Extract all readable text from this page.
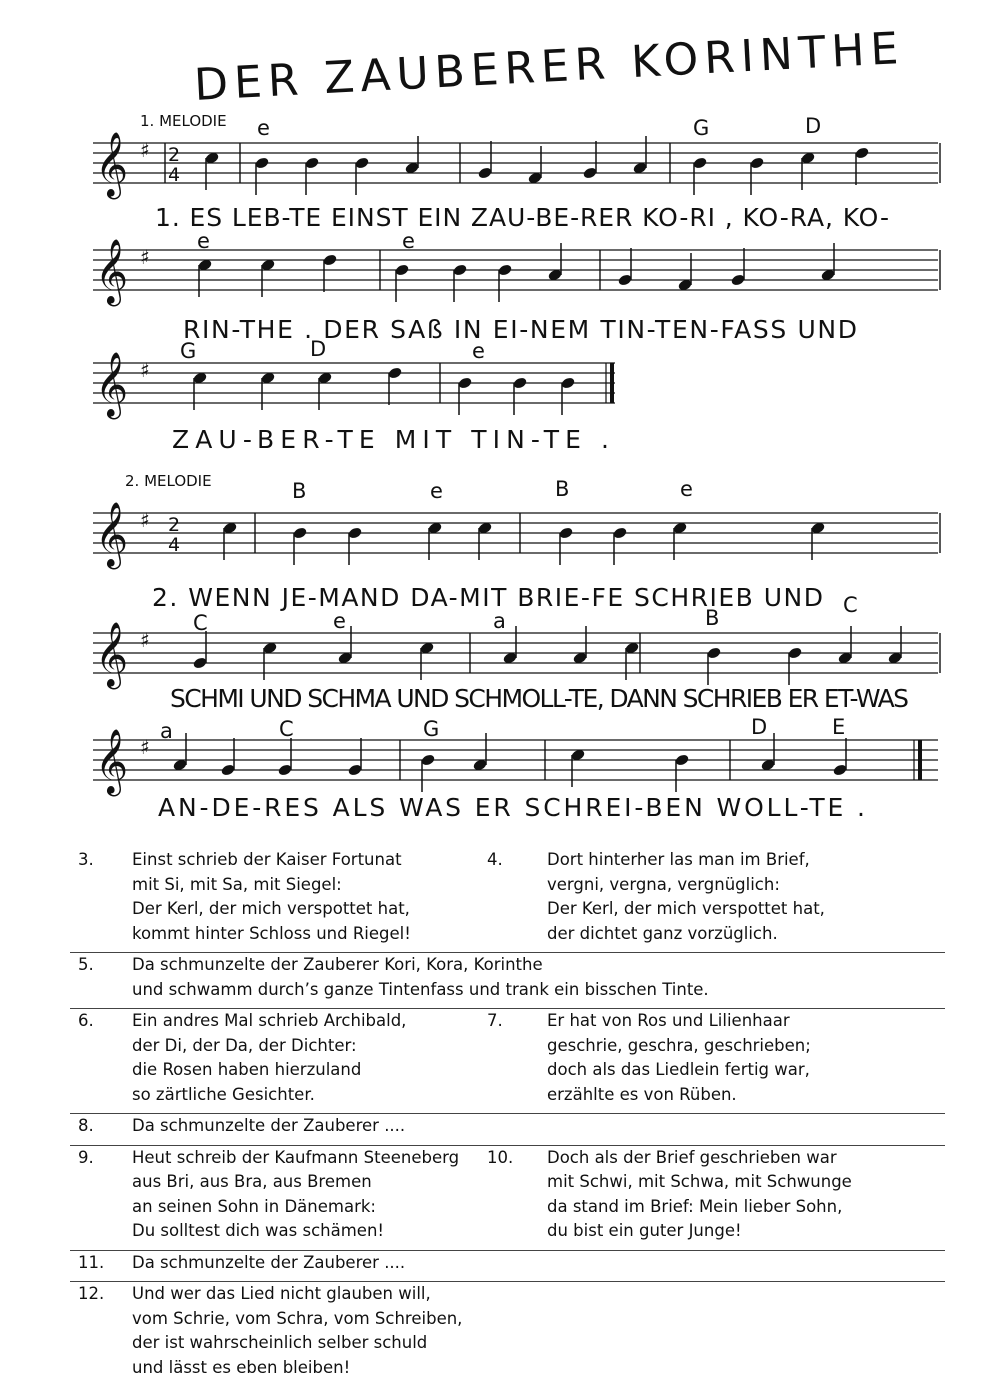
DER ZAUBERER KORINTHE
1. MELODIE
2. MELODIE
e	G	D
e	e
G	D	e
B	e	B	e
C	e	a	B
C
a	C	G	D	E
1. ES LEB-TE EINST EIN ZAU-BE-RER KO-RI , KO-RA, KO-
RIN-THE . DER SAß IN EI-NEM TIN-TEN-FASS UND
ZAU-BER-TE MIT TIN-TE .
2. WENN JE-MAND DA-MIT BRIE-FE SCHRIEB UND
SCHMI UND SCHMA UND SCHMOLL-TE, DANN SCHRIEB ER ET-WAS
AN-DE-RES ALS WAS ER SCHREI-BEN WOLL-TE .
𝄞 ♯ 2
4
𝄞 ♯
𝄞 ♯
𝄞 ♯ 2
4
𝄞 ♯
𝄞 ♯
3. Einst schrieb der Kaiser Fortunat
mit Si, mit Sa, mit Siegel:
Der Kerl, der mich verspottet hat,
kommt hinter Schloss und Riegel!
4.	Dort hinterher las man im Brief,
vergni, vergna, vergnüglich:
Der Kerl, der mich verspottet hat,
der dichtet ganz vorzüglich.
5. Da schmunzelte der Zauberer Kori, Kora, Korinthe
und schwamm durch’s ganze Tintenfass und trank ein bisschen Tinte.
6. Ein andres Mal schrieb Archibald,
der Di, der Da, der Dichter:
die Rosen haben hierzuland
so zärtliche Gesichter.
7.	Er hat von Ros und Lilienhaar
geschrie, geschra, geschrieben;
doch als das Liedlein fertig war,
erzählte es von Rüben.
8. Da schmunzelte der Zauberer ....
9. Heut schreib der Kaufmann Steeneberg
aus Bri, aus Bra, aus Bremen
an seinen Sohn in Dänemark:
Du solltest dich was schämen!
10. Doch als der Brief geschrieben war
mit Schwi, mit Schwa, mit Schwunge
da stand im Brief: Mein lieber Sohn,
du bist ein guter Junge!
11. Da schmunzelte der Zauberer ....
12. Und wer das Lied nicht glauben will,
vom Schrie, vom Schra, vom Schreiben,
der ist wahrscheinlich selber schuld
und lässt es eben bleiben!
